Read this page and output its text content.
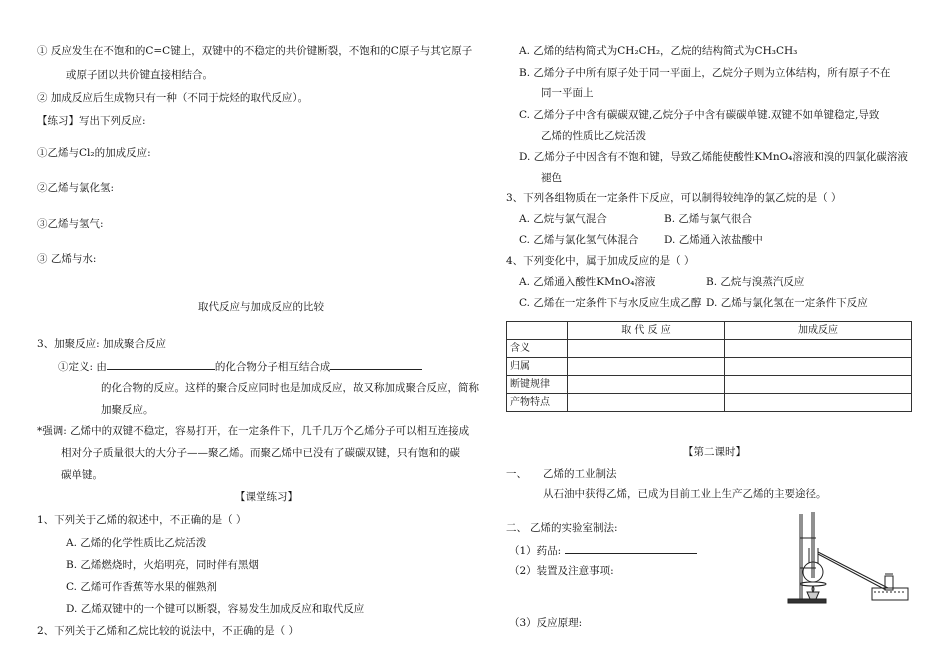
① 反应发生在不饱和的C=C键上，双键中的不稳定的共价键断裂，不饱和的C原子与其它原子
或原子团以共价键直接相结合。
② 加成反应后生成物只有一种（不同于烷烃的取代反应）。
【练习】写出下列反应:
①乙烯与Cl₂的加成反应:
②乙烯与氯化氢:
③乙烯与氢气:
③ 乙烯与水:
取代反应与加成反应的比较
3、加聚反应: 加成聚合反应
①定义: 由	的化合物分子相互结合成
的化合物的反应。这样的聚合反应同时也是加成反应，故又称加成聚合反应，简称
加聚反应。
*强调: 乙烯中的双键不稳定，容易打开，在一定条件下，几千几万个乙烯分子可以相互连接成
相对分子质量很大的大分子——聚乙烯。而聚乙烯中已没有了碳碳双键，只有饱和的碳
碳单键。
【课堂练习】
1、下列关于乙烯的叙述中，不正确的是（ ）
A. 乙烯的化学性质比乙烷活泼
B. 乙烯燃烧时，火焰明亮，同时伴有黑烟
C. 乙烯可作香蕉等水果的催熟剂
D. 乙烯双键中的一个键可以断裂，容易发生加成反应和取代反应
2、下列关于乙烯和乙烷比较的说法中，不正确的是（ ）
A. 乙烯的结构简式为CH₂CH₂，乙烷的结构简式为CH₃CH₃
B. 乙烯分子中所有原子处于同一平面上，乙烷分子则为立体结构，所有原子不在
同一平面上
C. 乙烯分子中含有碳碳双键,乙烷分子中含有碳碳单键.双键不如单键稳定,导致
乙烯的性质比乙烷活泼
D. 乙烯分子中因含有不饱和键，导致乙烯能使酸性KMnO₄溶液和溴的四氯化碳溶液
褪色
3、下列各组物质在一定条件下反应，可以制得较纯净的氯乙烷的是（ ）
A. 乙烷与氯气混合	B. 乙烯与氯气很合
C. 乙烯与氯化氢气体混合 D. 乙烯通入浓盐酸中
4、下列变化中，属于加成反应的是（ ）
A. 乙烯通入酸性KMnO₄溶液	B. 乙烷与溴蒸汽反应
C. 乙烯在一定条件下与水反应生成乙醇 D. 乙烯与氯化氢在一定条件下反应
	取 代 反 应	加成反应
含义		
归属		
断键规律		
产物特点		
【第二课时】
一、 乙烯的工业制法
从石油中获得乙烯，已成为目前工业上生产乙烯的主要途径。
二、 乙烯的实验室制法:
（1）药品:
（2）装置及注意事项:
（3）反应原理:
